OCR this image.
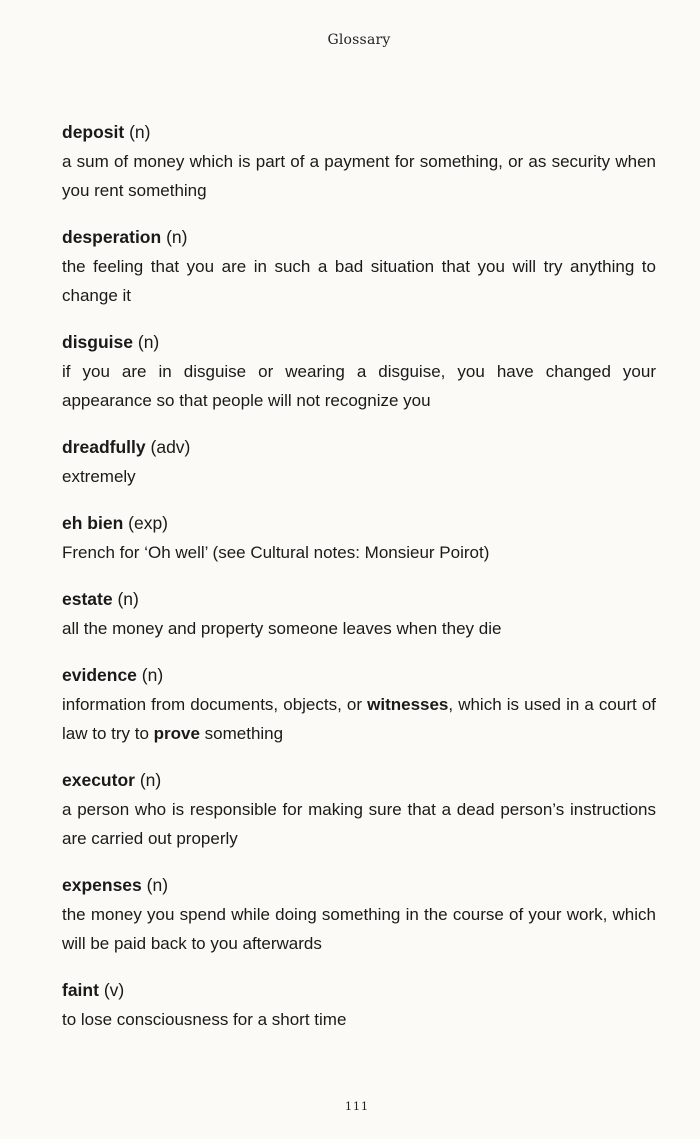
Glossary
deposit (n)

a sum of money which is part of a payment for something, or as security when you rent something

desperation (n)

the feeling that you are in such a bad situation that you will try anything to change it

disguise (n)

if you are in disguise or wearing a disguise, you have changed your appearance so that people will not recognize you

dreadfully (adv)

extremely

eh bien (exp)

French for ‘Oh well’ (see Cultural notes: Monsieur Poirot)

estate (n)

all the money and property someone leaves when they die

evidence (n)

information from documents, objects, or witnesses, which is used in a court of law to try to prove something

executor (n)

a person who is responsible for making sure that a dead person’s instructions are carried out properly

expenses (n)

the money you spend while doing something in the course of your work, which will be paid back to you afterwards

faint (v)

to lose consciousness for a short time

111
